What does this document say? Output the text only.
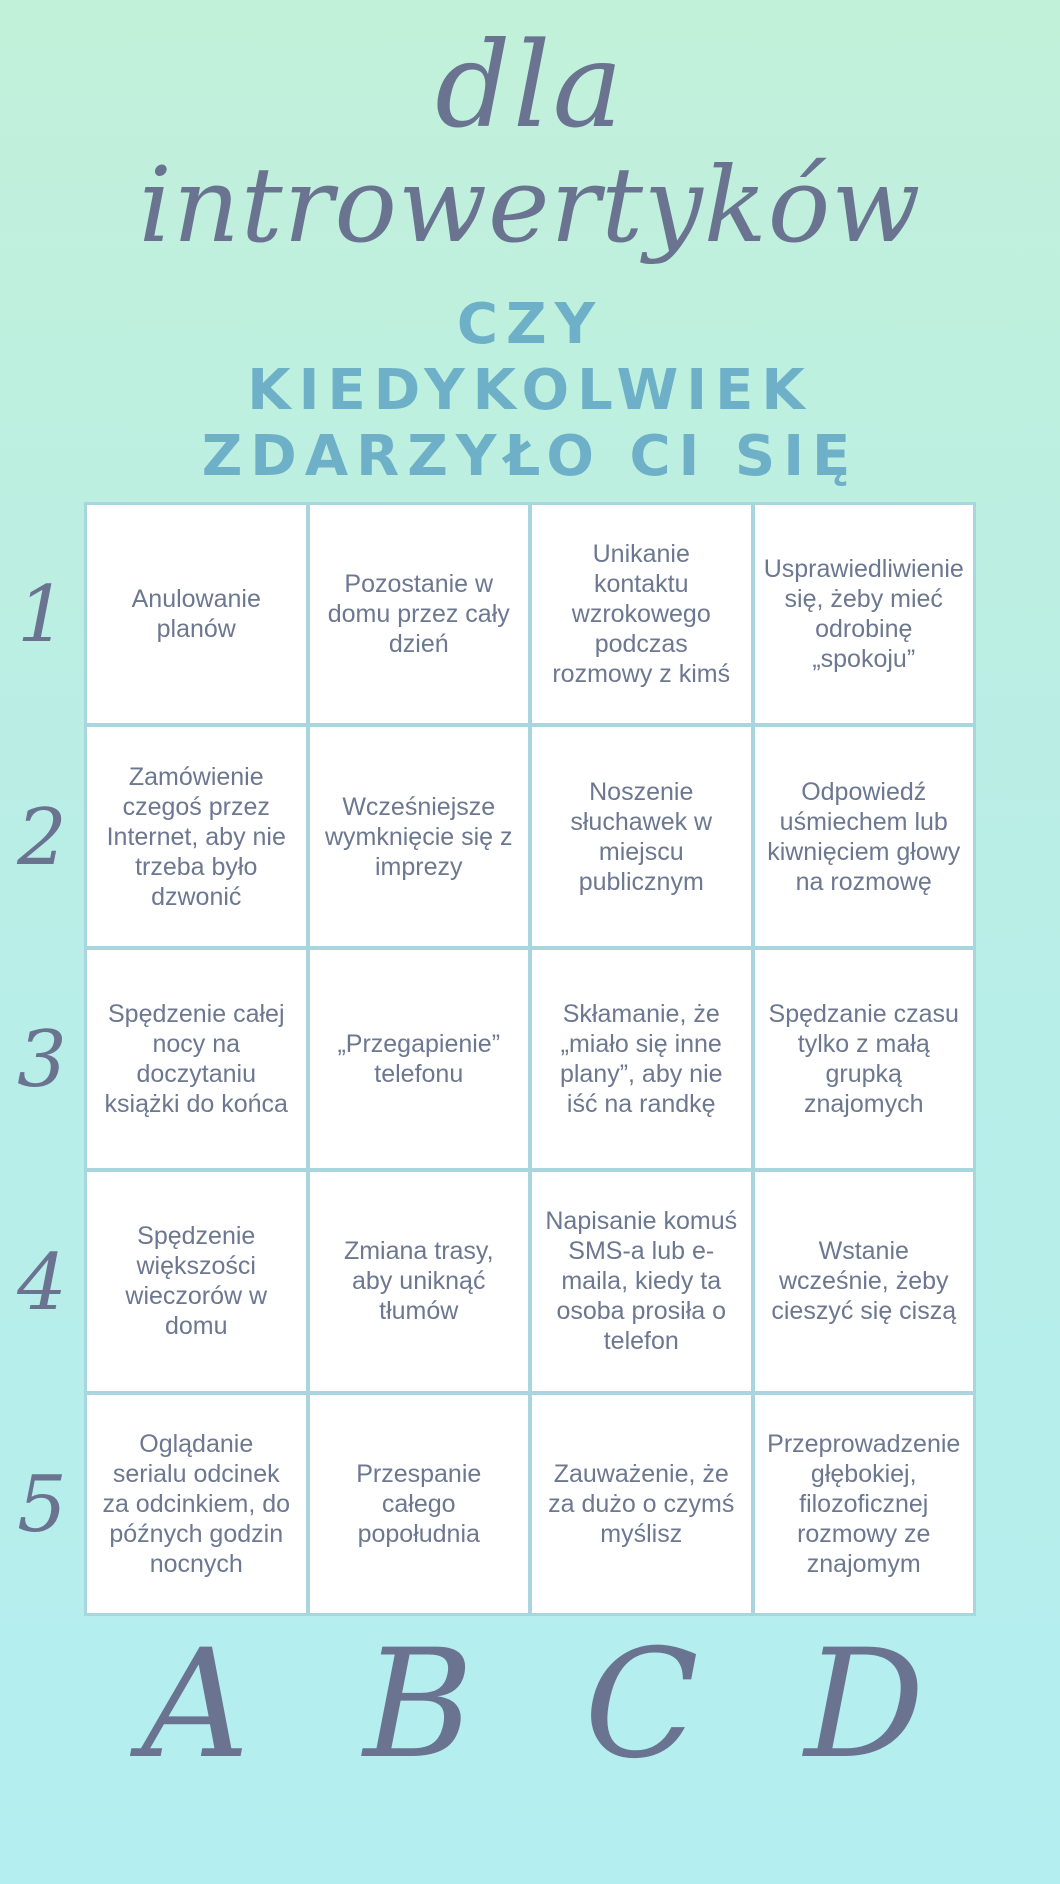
dla
introwertyków
CZY
KIEDYKOLWIEK
ZDARZYŁO CI SIĘ
1
2
3
4
5
Anulowanie planów
Pozostanie w domu przez cały dzień
Unikanie kontaktu wzrokowego podczas rozmowy z kimś
Usprawiedliwienie się, żeby mieć odrobinę „spokoju”
Zamówienie czegoś przez Internet, aby nie trzeba było dzwonić
Wcześniejsze wymknięcie się z imprezy
Noszenie słuchawek w miejscu publicznym
Odpowiedź uśmiechem lub kiwnięciem głowy na rozmowę
Spędzenie całej nocy na doczytaniu książki do końca
„Przegapienie” telefonu
Skłamanie, że „miało się inne plany”, aby nie iść na randkę
Spędzanie czasu tylko z małą grupką znajomych
Spędzenie większości wieczorów w domu
Zmiana trasy, aby uniknąć tłumów
Napisanie komuś SMS-a lub e-maila, kiedy ta osoba prosiła o telefon
Wstanie wcześnie, żeby cieszyć się ciszą
Oglądanie serialu odcinek za odcinkiem, do późnych godzin nocnych
Przespanie całego popołudnia
Zauważenie, że za dużo o czymś myślisz
Przeprowadzenie głębokiej, filozoficznej rozmowy ze znajomym
A B C D
